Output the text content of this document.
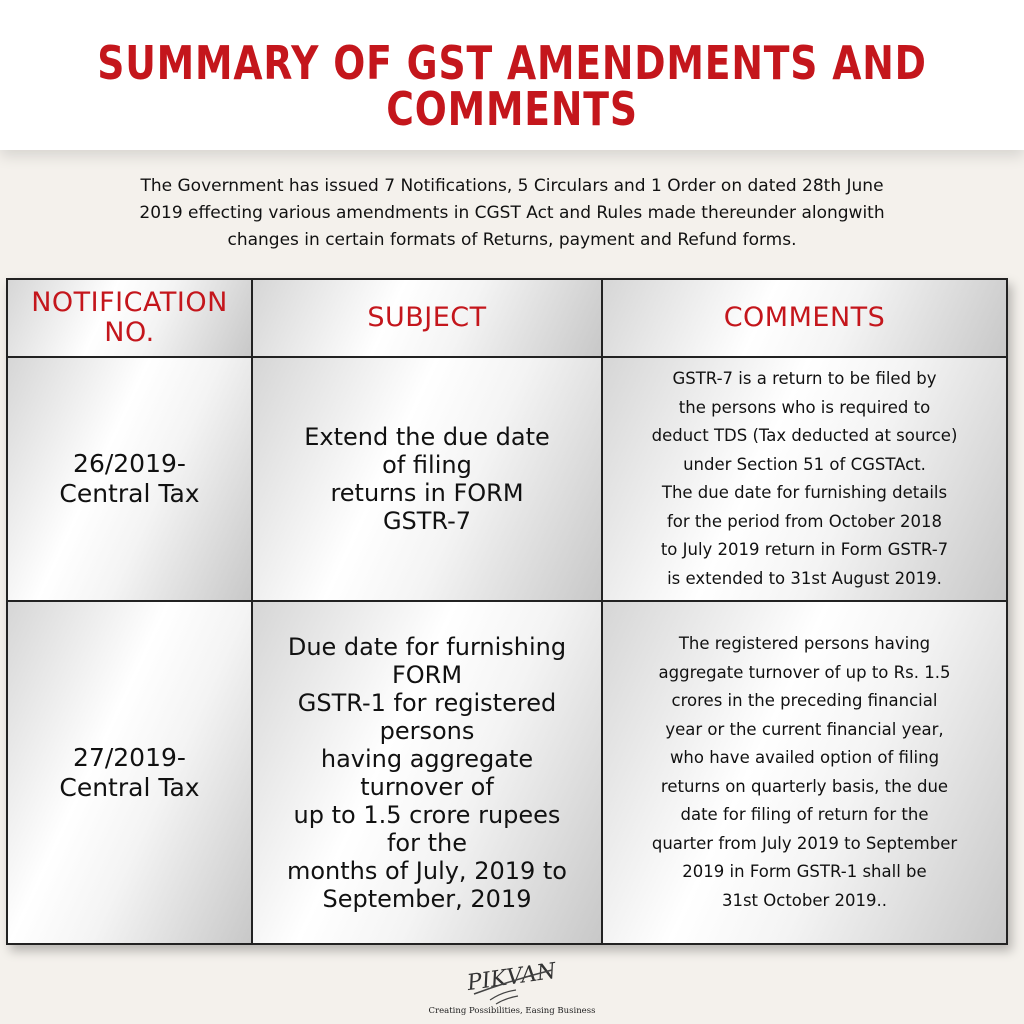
SUMMARY OF GST AMENDMENTS AND
COMMENTS
The Government has issued 7 Notifications, 5 Circulars and 1 Order on dated 28th June
2019 effecting various amendments in CGST Act and Rules made thereunder alongwith
changes in certain formats of Returns, payment and Refund forms.
NOTIFICATION
NO.	SUBJECT	COMMENTS
26/2019-
Central Tax
Extend the due date
of filing
returns in FORM
GSTR-7
GSTR-7 is a return to be filed by
the persons who is required to
deduct TDS (Tax deducted at source)
under Section 51 of CGSTAct.
The due date for furnishing details
for the period from October 2018
to July 2019 return in Form GSTR-7
is extended to 31st August 2019.
27/2019-
Central Tax
Due date for furnishing
FORM
GSTR-1 for registered
persons
having aggregate
turnover of
up to 1.5 crore rupees
for the
months of July, 2019 to
September, 2019
The registered persons having
aggregate turnover of up to Rs. 1.5
crores in the preceding financial
year or the current financial year,
who have availed option of filing
returns on quarterly basis, the due
date for filing of return for the
quarter from July 2019 to September
2019 in Form GSTR-1 shall be
31st October 2019..
PIKVAN
Creating Possibilities, Easing Business
